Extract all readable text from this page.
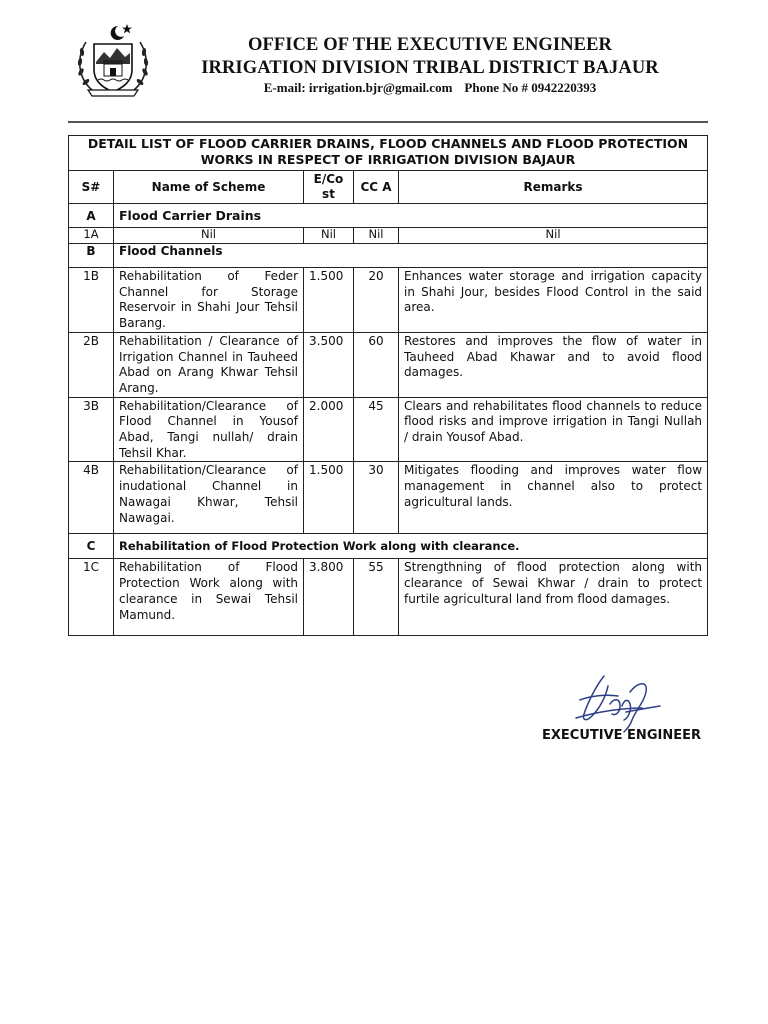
OFFICE OF THE EXECUTIVE ENGINEER
IRRIGATION DIVISION TRIBAL DISTRICT BAJAUR
E-mail: irrigation.bjr@gmail.com Phone No # 0942220393
DETAIL LIST OF FLOOD CARRIER DRAINS, FLOOD CHANNELS AND FLOOD PROTECTION WORKS IN RESPECT OF IRRIGATION DIVISION BAJAUR				
S#	Name of Scheme	E/Co st	CC A	Remarks
A	Flood Carrier Drains			
1A	Nil	Nil	Nil	Nil
B	Flood Channels			
1B	Rehabilitation of Feder Channel for Storage Reservoir in Shahi Jour Tehsil Barang.	1.500	20	Enhances water storage and irrigation capacity in Shahi Jour, besides Flood Control in the said area.
2B	Rehabilitation / Clearance of Irrigation Channel in Tauheed Abad on Arang Khwar Tehsil Arang.	3.500	60	Restores and improves the flow of water in Tauheed Abad Khawar and to avoid flood damages.
3B	Rehabilitation/Clearance of Flood Channel in Yousof Abad, Tangi nullah/ drain Tehsil Khar.	2.000	45	Clears and rehabilitates flood channels to reduce flood risks and improve irrigation in Tangi Nullah / drain Yousof Abad.
4B	Rehabilitation/Clearance of inudational Channel in Nawagai Khwar, Tehsil Nawagai.	1.500	30	Mitigates flooding and improves water flow management in channel also to protect agricultural lands.
C	Rehabilitation of Flood Protection Work along with clearance.			
1C	Rehabilitation of Flood Protection Work along with clearance in Sewai Tehsil Mamund.	3.800	55	Strengthning of flood protection along with clearance of Sewai Khwar / drain to protect furtile agricultural land from flood damages.
EXECUTIVE ENGINEER
